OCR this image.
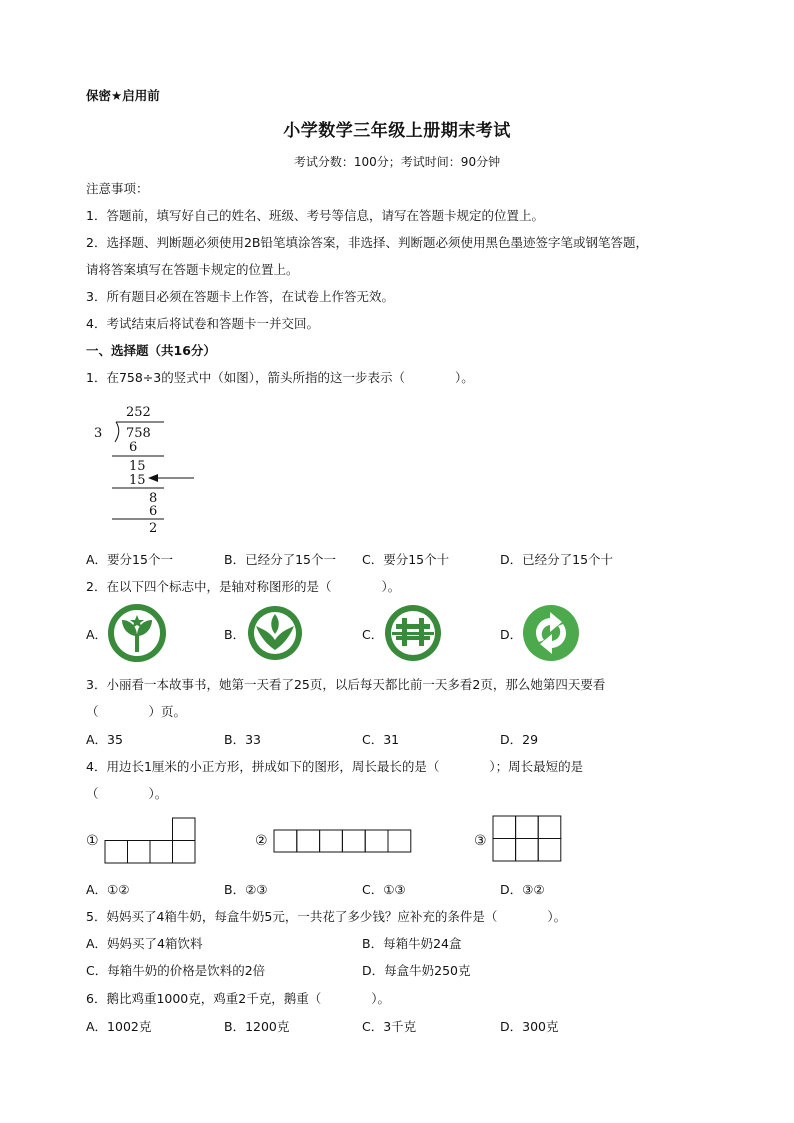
保密★启用前
小学数学三年级上册期末考试
考试分数：100分；考试时间：90分钟
注意事项：
1．答题前，填写好自己的姓名、班级、考号等信息，请写在答题卡规定的位置上。
2．选择题、判断题必须使用2B铅笔填涂答案，非选择、判断题必须使用黑色墨迹签字笔或钢笔答题，
请将答案填写在答题卡规定的位置上。
3．所有题目必须在答题卡上作答，在试卷上作答无效。
4．考试结束后将试卷和答题卡一并交回。
一、选择题（共16分）
1．在758÷3的竖式中（如图），箭头所指的这一步表示（　　　　）。
252
3 758
6
15
15
8
6
2
A．要分15个一	B．已经分了15个一 C．要分15个十	D．已经分了15个十
2．在以下四个标志中，是轴对称图形的是（　　　　）。
A．	B．	C．	D．
3．小丽看一本故事书，她第一天看了25页，以后每天都比前一天多看2页，那么她第四天要看
（　　　　）页。
A．35	B．33	C．31	D．29
4．用边长1厘米的小正方形，拼成如下的图形，周长最长的是（　　　　）；周长最短的是
（　　　　）。
①	②	③
A．①②	B．②③	C．①③	D．③②
5．妈妈买了4箱牛奶，每盒牛奶5元，一共花了多少钱？应补充的条件是（　　　　）。
A．妈妈买了4箱饮料	B．每箱牛奶24盒
C．每箱牛奶的价格是饮料的2倍	D．每盒牛奶250克
6．鹅比鸡重1000克，鸡重2千克，鹅重（　　　　）。
A．1002克	B．1200克	C．3千克	D．300克
